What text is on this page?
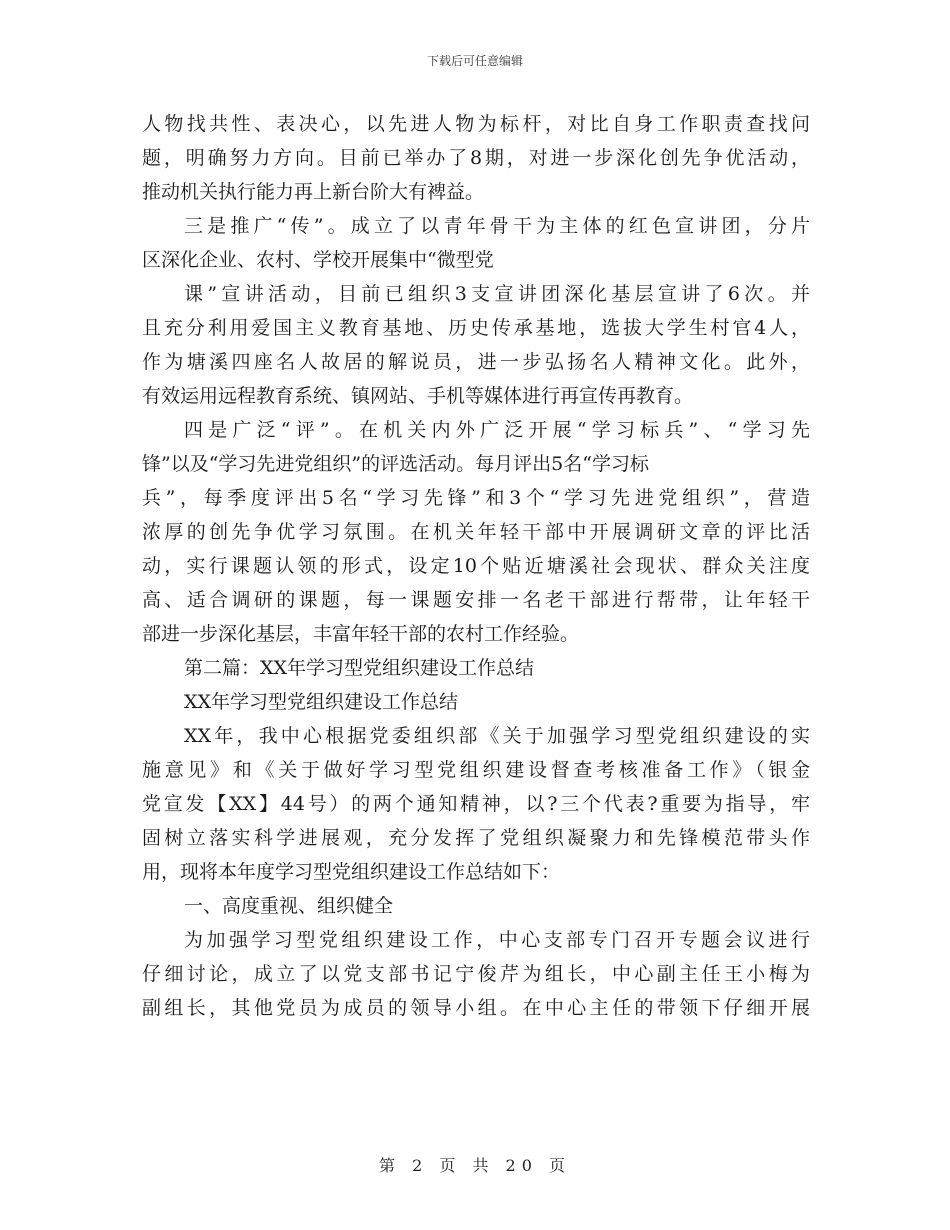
下载后可任意编辑
人物找共性、表决心，以先进人物为标杆，对比自身工作职责查找问
题，明确努力方向。目前已举办了8期，对进一步深化创先争优活动，
推动机关执行能力再上新台阶大有裨益。
三是推广“传”。成立了以青年骨干为主体的红色宣讲团，分片
区深化企业、农村、学校开展集中“微型党
课”宣讲活动，目前已组织3支宣讲团深化基层宣讲了6次。并
且充分利用爱国主义教育基地、历史传承基地，选拔大学生村官4人，
作为塘溪四座名人故居的解说员，进一步弘扬名人精神文化。此外，
有效运用远程教育系统、镇网站、手机等媒体进行再宣传再教育。
四是广泛“评”。在机关内外广泛开展“学习标兵”、“学习先
锋”以及“学习先进党组织”的评选活动。每月评出5名“学习标
兵”，每季度评出5名“学习先锋”和3个“学习先进党组织”，营造
浓厚的创先争优学习氛围。在机关年轻干部中开展调研文章的评比活
动，实行课题认领的形式，设定10个贴近塘溪社会现状、群众关注度
高、适合调研的课题，每一课题安排一名老干部进行帮带，让年轻干
部进一步深化基层，丰富年轻干部的农村工作经验。
第二篇：XX年学习型党组织建设工作总结
XX年学习型党组织建设工作总结
XX年，我中心根据党委组织部《关于加强学习型党组织建设的实
施意见》和《关于做好学习型党组织建设督查考核准备工作》（银金
党宣发【XX】44号）的两个通知精神，以?三个代表?重要为指导，牢
固树立落实科学进展观，充分发挥了党组织凝聚力和先锋模范带头作
用，现将本年度学习型党组织建设工作总结如下：
一、高度重视、组织健全
为加强学习型党组织建设工作，中心支部专门召开专题会议进行
仔细讨论，成立了以党支部书记宁俊芹为组长，中心副主任王小梅为
副组长，其他党员为成员的领导小组。在中心主任的带领下仔细开展
第 2 页 共 20 页
